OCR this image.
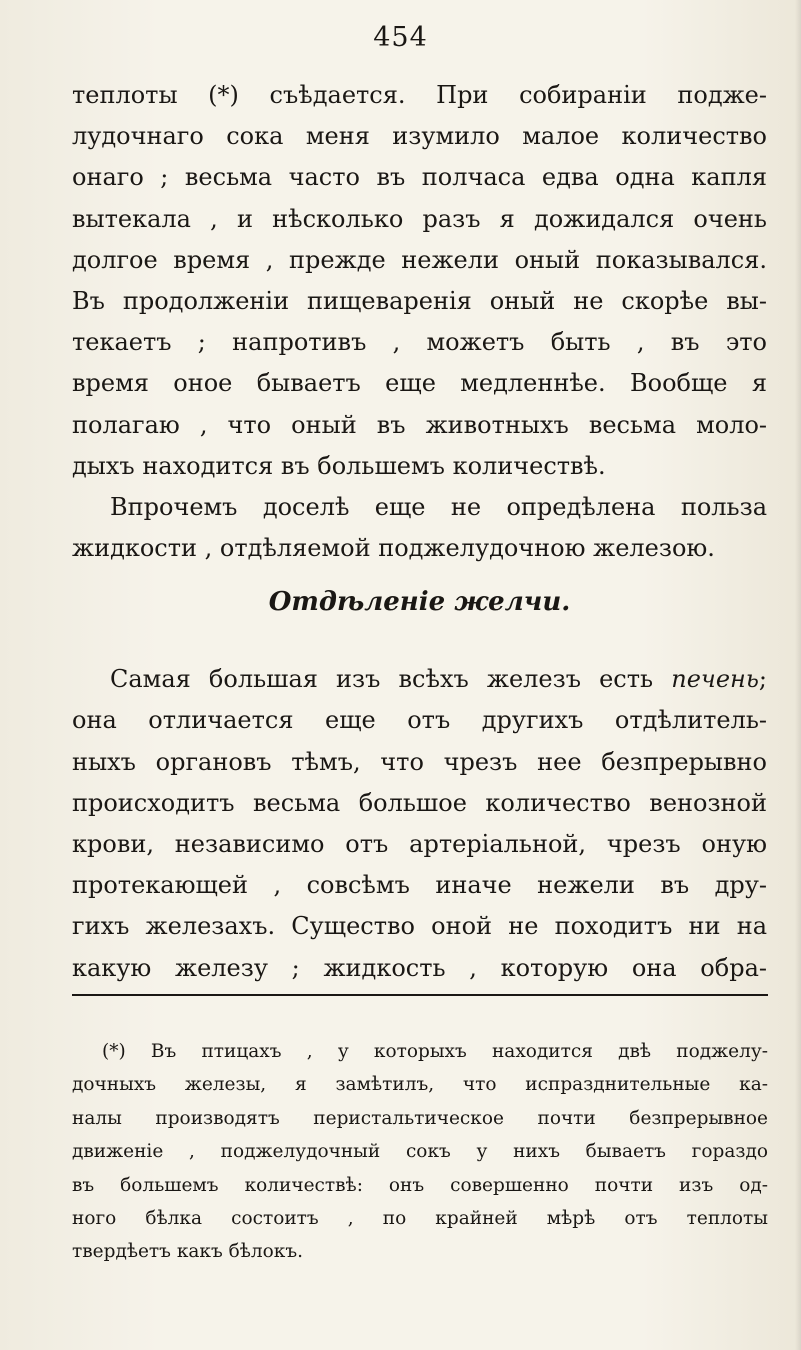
454
теплоты (*) съѣдается. При собираніи подже-
лудочнаго сока меня изумило малое количество
онаго ; весьма часто въ полчаса едва одна капля
вытекала , и нѣсколько разъ я дожидался очень
долгое время , прежде нежели оный показывался.
Въ продолженіи пищеваренія оный не скорѣе вы-
текаетъ ; напротивъ , можетъ быть , въ это
время оное бываетъ еще медленнѣе. Вообще я
полагаю , что оный въ животныхъ весьма моло-
дыхъ находится въ большемъ количествѣ.
Впрочемъ доселѣ еще не опредѣлена польза
жидкости , отдѣляемой поджелудочною железою.
Отдѣленіе желчи.
Самая большая изъ всѣхъ железъ есть печень;
она отличается еще отъ другихъ отдѣлитель-
ныхъ органовъ тѣмъ, что чрезъ нее безпрерывно
происходитъ весьма большое количество венозной
крови, независимо отъ артеріальной, чрезъ оную
протекающей , совсѣмъ иначе нежели въ дру-
гихъ железахъ. Существо оной не походитъ ни на
какую железу ; жидкость , которую она обра-
(*) Въ птицахъ , у которыхъ находится двѣ поджелу-
дочныхъ железы, я замѣтилъ, что испразднительные ка-
налы производятъ перистальтическое почти безпрерывное
движеніе , поджелудочный сокъ у нихъ бываетъ гораздо
въ большемъ количествѣ: онъ совершенно почти изъ од-
ного бѣлка состоитъ , по крайней мѣрѣ отъ теплоты
твердѣетъ какъ бѣлокъ.
